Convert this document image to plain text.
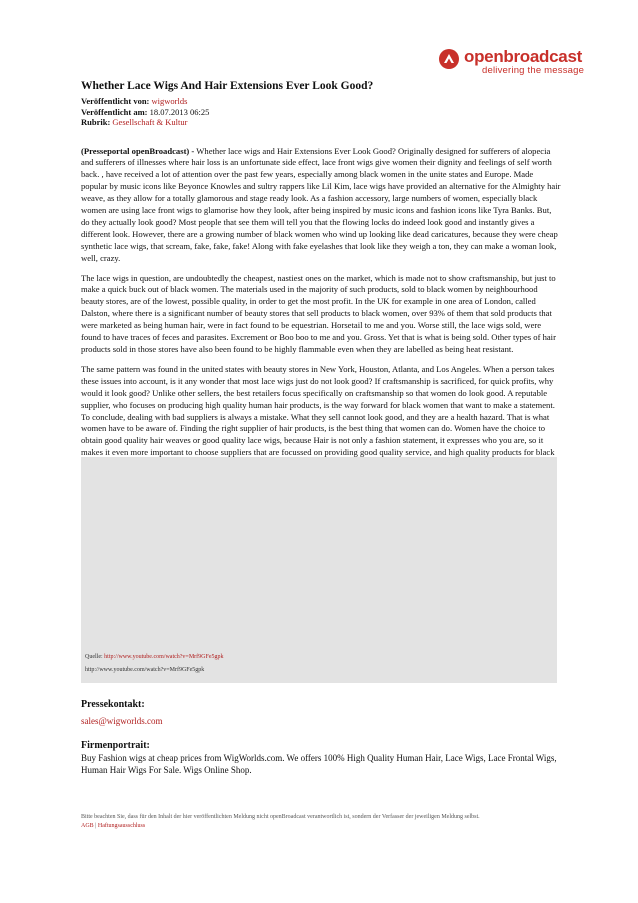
openbroadcast
delivering the message
Whether Lace Wigs And Hair Extensions Ever Look Good?
Veröffentlicht von: wigworlds
Veröffentlicht am: 18.07.2013 06:25
Rubrik: Gesellschaft & Kultur

(Presseportal openBroadcast) - Whether lace wigs and Hair Extensions Ever Look Good? Originally designed for sufferers of alopecia and sufferers of illnesses where hair loss is an unfortunate side effect, lace front wigs give women their dignity and feelings of self worth back. , have received a lot of attention over the past few years, especially among black women in the unite states and Europe. Made popular by music icons like Beyonce Knowles and sultry rappers like Lil Kim, lace wigs have provided an alternative for the Almighty hair weave, as they allow for a totally glamorous and stage ready look. As a fashion accessory, large numbers of women, especially black women are using lace front wigs to glamorise how they look, after being inspired by music icons and fashion icons like Tyra Banks. But, do they actually look good? Most people that see them will tell you that the flowing locks do indeed look good and instantly gives a different look. However, there are a growing number of black women who wind up looking like dead caricatures, because they were cheap synthetic lace wigs, that scream, fake, fake, fake! Along with fake eyelashes that look like they weigh a ton, they can make a woman look, well, crazy.

The lace wigs in question, are undoubtedly the cheapest, nastiest ones on the market, which is made not to show craftsmanship, but just to make a quick buck out of black women. The materials used in the majority of such products, sold to black women by neighbourhood beauty stores, are of the lowest, possible quality, in order to get the most profit. In the UK for example in one area of London, called Dalston, where there is a significant number of beauty stores that sell products to black women, over 93% of them that sold products that were marketed as being human hair, were in fact found to be equestrian. Horsetail to me and you. Worse still, the lace wigs sold, were found to have traces of feces and parasites. Excrement or Boo boo to me and you. Gross. Yet that is what is being sold. Other types of hair products sold in those stores have also been found to be highly flammable even when they are labelled as being heat resistant.

The same pattern was found in the united states with beauty stores in New York, Houston, Atlanta, and Los Angeles. When a person takes these issues into account, is it any wonder that most lace wigs just do not look good? If craftsmanship is sacrificed, for quick profits, why would it look good? Unlike other sellers, the best retailers focus specifically on craftsmanship so that women do look good. A reputable supplier, who focuses on producing high quality human hair products, is the way forward for black women that want to make a statement. To conclude, dealing with bad suppliers is always a mistake. What they sell cannot look good, and they are a health hazard. That is what women have to be aware of. Finding the right supplier of hair products, is the best thing that women can do. Women have the choice to obtain good quality hair weaves or good quality lace wigs, because Hair is not only a fashion statement, it expresses who you are, so it makes it even more important to choose suppliers that are focussed on providing good quality service, and high quality products for black

Quelle: http://www.youtube.com/watch?v=Mrf9GFe5gpk
http://www.youtube.com/watch?v=Mrf9GFe5gpk
Pressekontakt:
sales@wigworlds.com
Firmenportrait:
Buy Fashion wigs at cheap prices from WigWorlds.com. We offers 100% High Quality Human Hair, Lace Wigs, Lace Frontal Wigs, Human Hair Wigs For Sale. Wigs Online Shop.
Bitte beachten Sie, dass für den Inhalt der hier veröffentlichten Meldung nicht openBroadcast verantwortlich ist, sondern der Verfasser der jeweiligen Meldung selbst.
AGB | Haftungsausschluss
